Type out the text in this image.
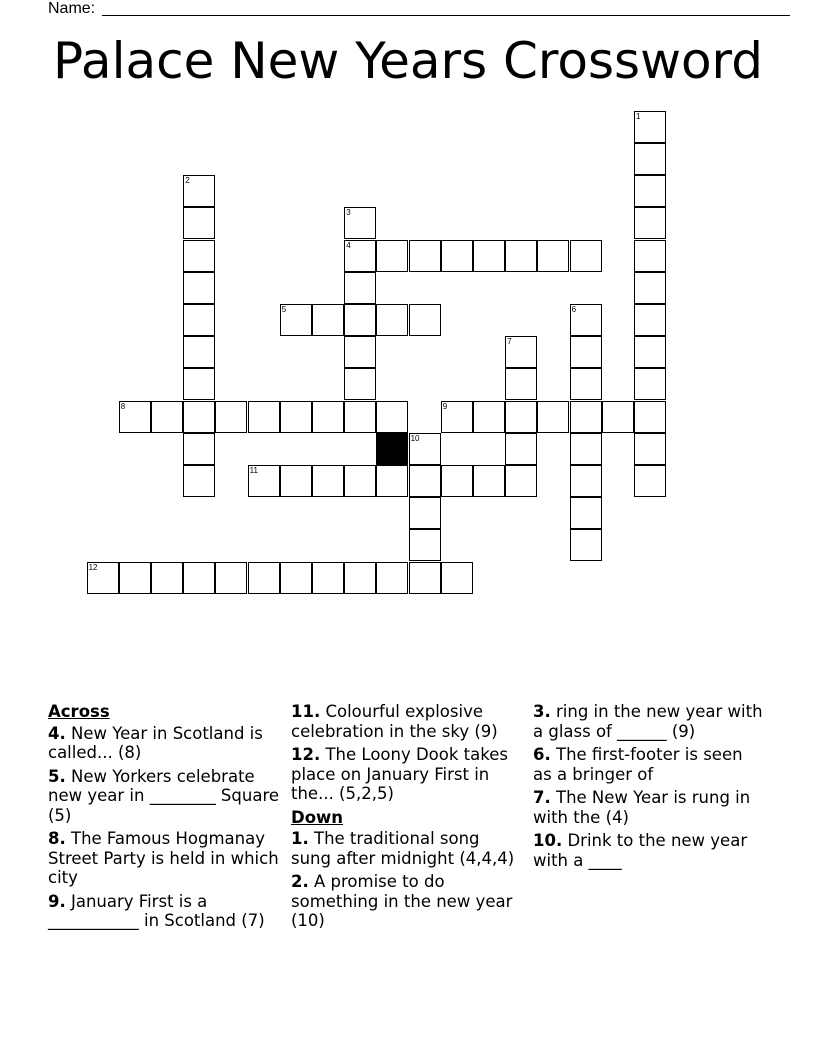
Name:
Palace New Years Crossword
1
2
3
4
5	6
7
8	9
10
11
12
Across
4. New Year in Scotland is called... (8)
5. New Yorkers celebrate new year in ________ Square (5)
8. The Famous Hogmanay Street Party is held in which city
9. January First is a ___________ in Scotland (7)
11. Colourful explosive celebration in the sky (9)
12. The Loony Dook takes place on January First in the... (5,2,5)
Down
1. The traditional song sung after midnight (4,4,4)
2. A promise to do something in the new year (10)
3. ring in the new year with a glass of ______ (9)
6. The first-footer is seen as a bringer of
7. The New Year is rung in with the (4)
10. Drink to the new year with a ____
